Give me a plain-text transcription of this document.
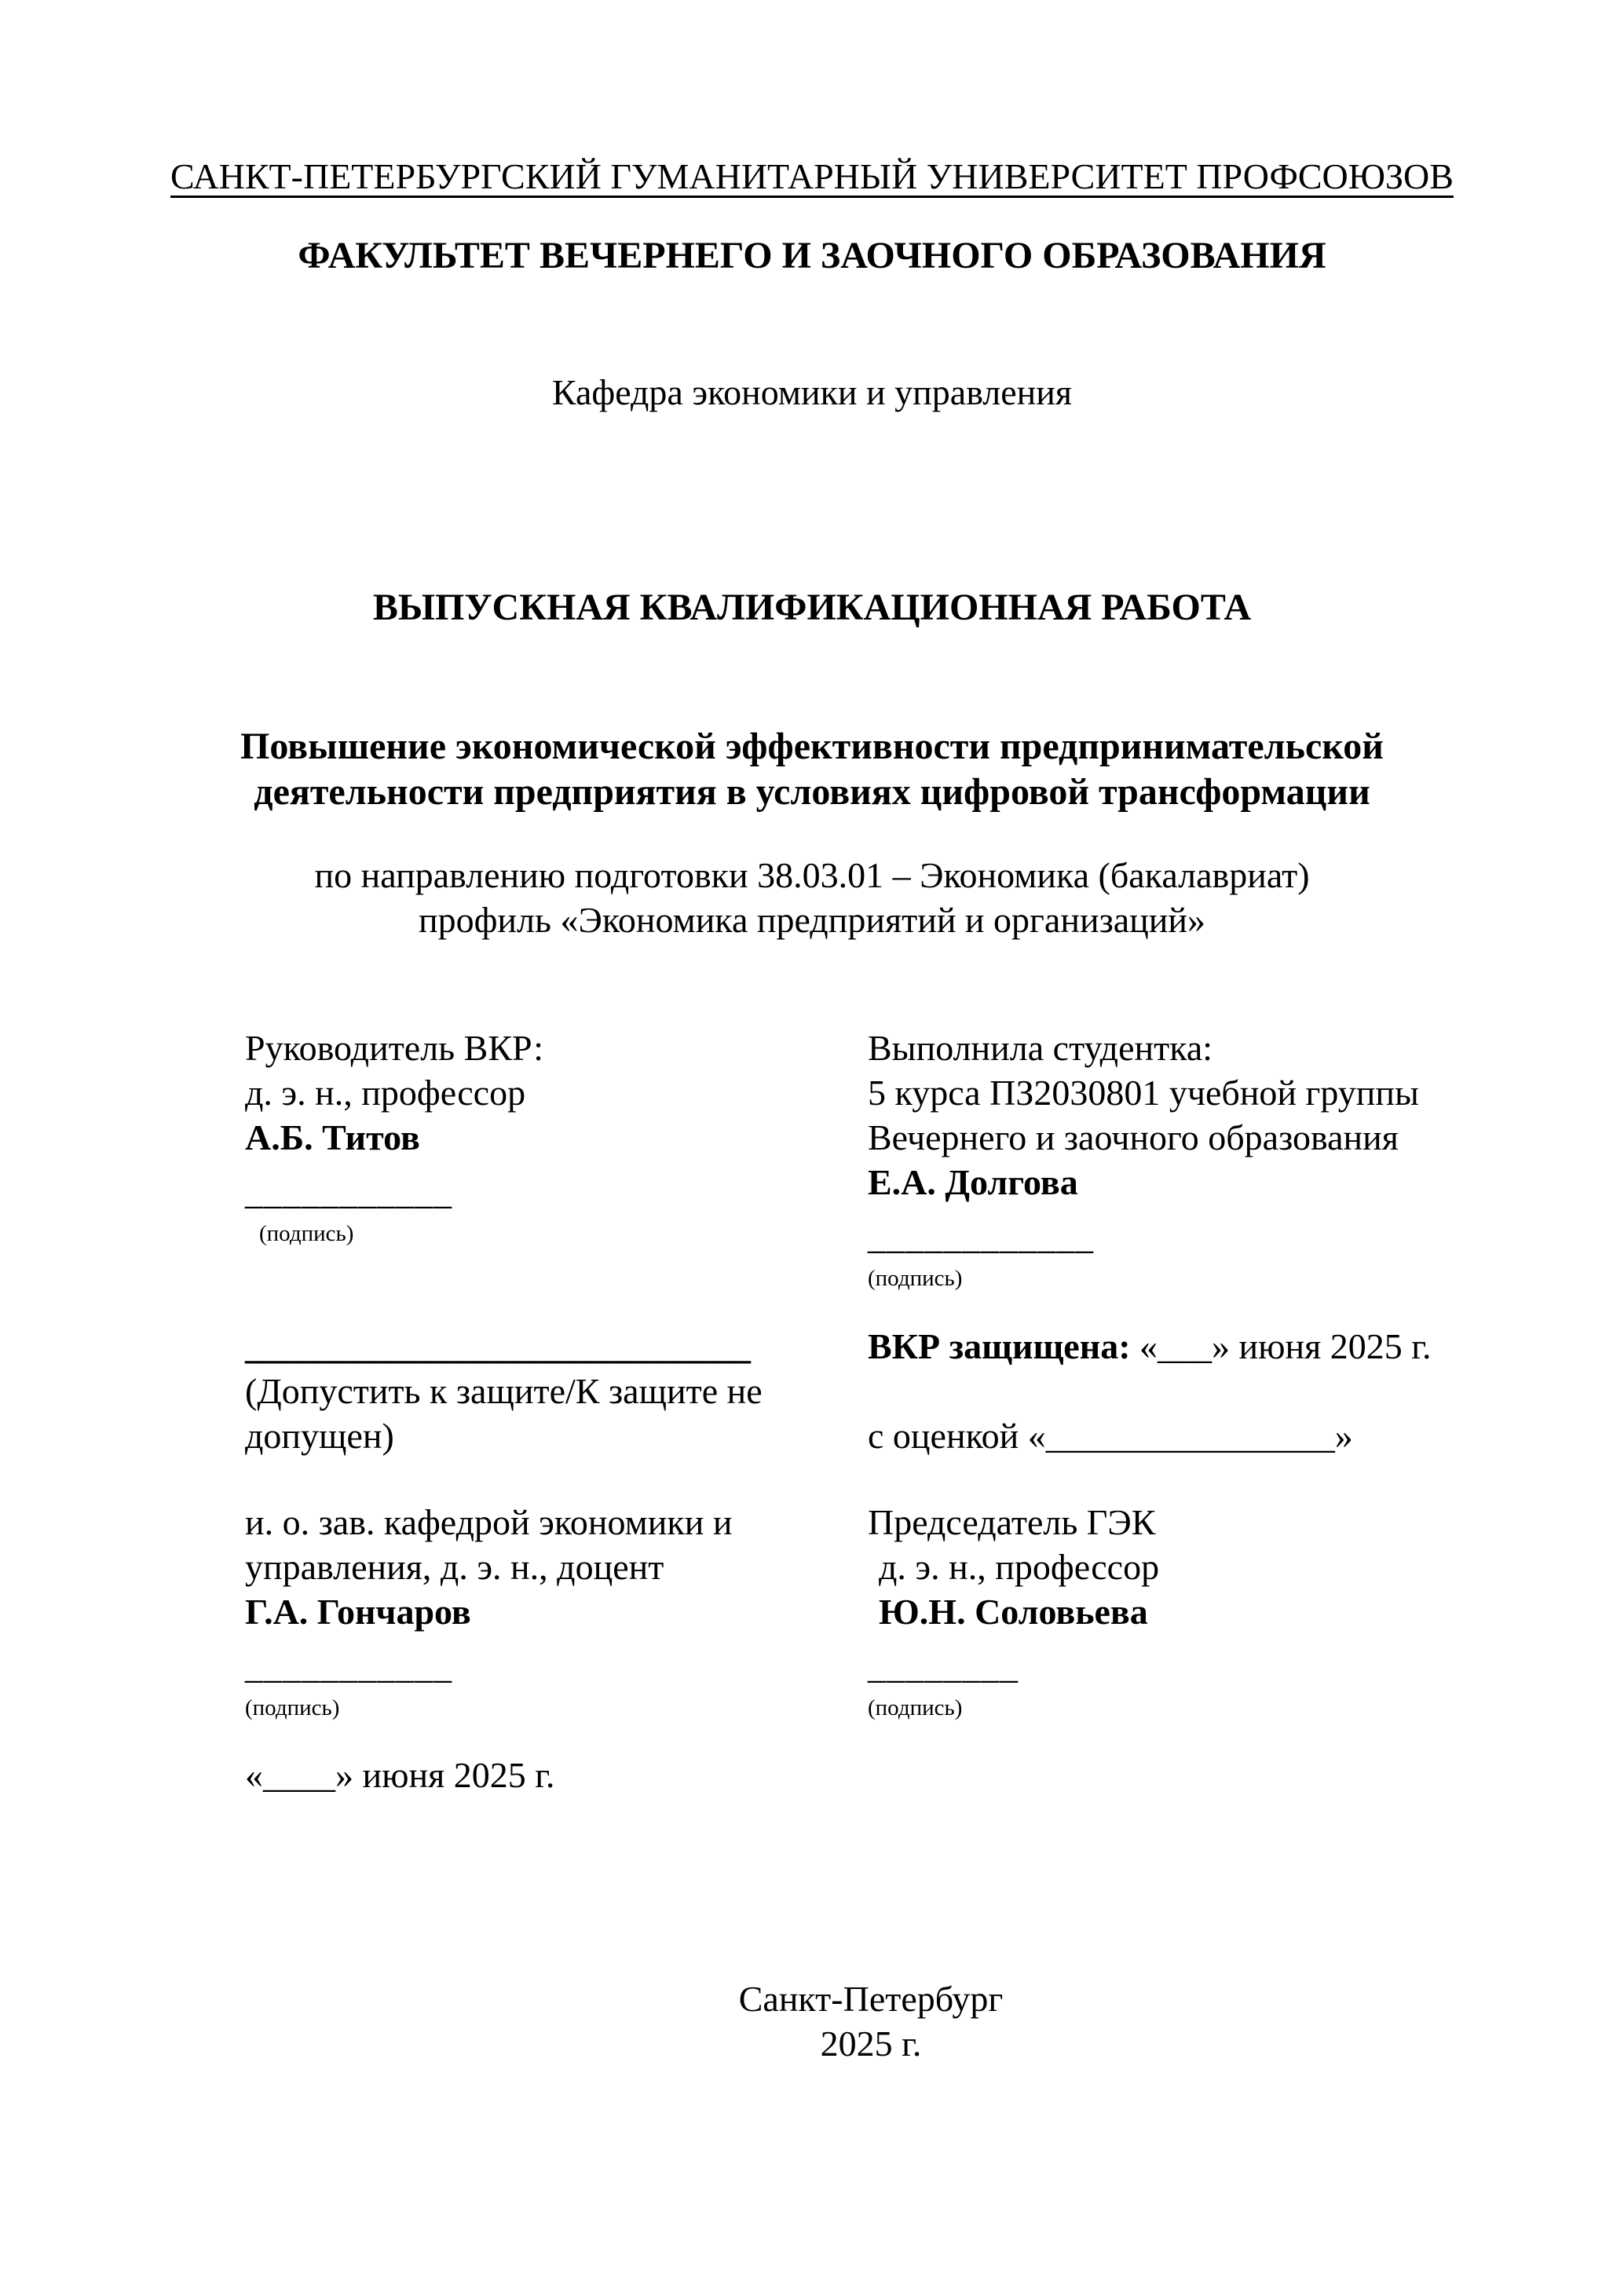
САНКТ-ПЕТЕРБУРГСКИЙ ГУМАНИТАРНЫЙ УНИВЕРСИТЕТ ПРОФСОЮЗОВ
ФАКУЛЬТЕТ ВЕЧЕРНЕГО И ЗАОЧНОГО ОБРАЗОВАНИЯ
Кафедра экономики и управления
ВЫПУСКНАЯ КВАЛИФИКАЦИОННАЯ РАБОТА
Повышение экономической эффективности предпринимательской
деятельности предприятия в условиях цифровой трансформации
по направлению подготовки 38.03.01 – Экономика (бакалавриат)
профиль «Экономика предприятий и организаций»
Руководитель ВКР:
д. э. н., профессор
А.Б. Титов
___________
(подпись)
Выполнила студентка:
5 курса ПЗ2030801 учебной группы
Вечернего и заочного образования
Е.А. Долгова
____________
(подпись)
____________________________
(Допустить к защите/К защите не
допущен)
ВКР защищена: «___» июня 2025 г.
с оценкой «________________»
и. о. зав. кафедрой экономики и
управления, д. э. н., доцент
Г.А. Гончаров
___________
(подпись)
«____» июня 2025 г.
Председатель ГЭК
д. э. н., профессор
Ю.Н. Соловьева
________
(подпись)
Санкт-Петербург
2025 г.
